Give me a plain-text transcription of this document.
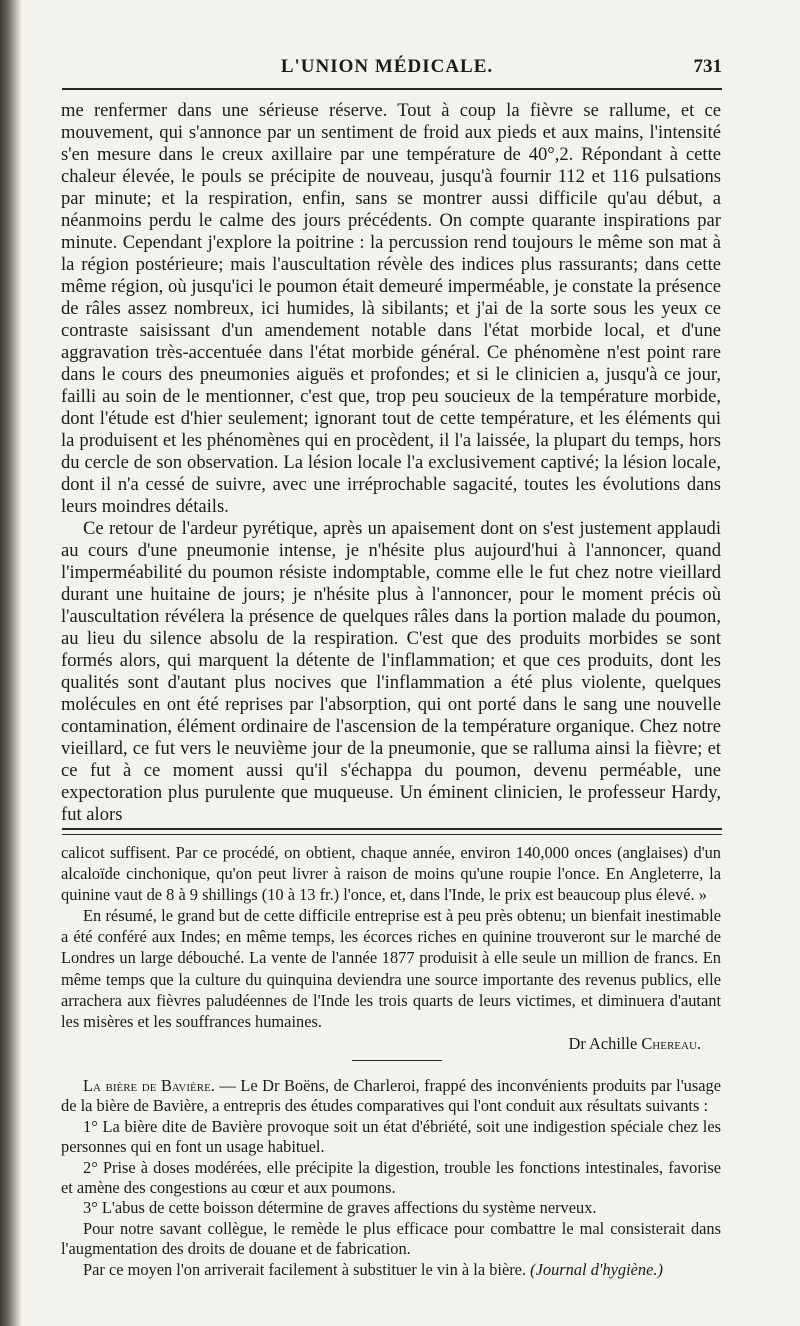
L'UNION MÉDICALE.	731

me renfermer dans une sérieuse réserve. Tout à coup la fièvre se rallume, et ce mouvement, qui s'annonce par un sentiment de froid aux pieds et aux mains, l'intensité s'en mesure dans le creux axillaire par une température de 40°,2. Répondant à cette chaleur élevée, le pouls se précipite de nouveau, jusqu'à fournir 112 et 116 pulsations par minute; et la respiration, enfin, sans se montrer aussi difficile qu'au début, a néanmoins perdu le calme des jours précédents. On compte quarante inspirations par minute. Cependant j'explore la poitrine : la percussion rend toujours le même son mat à la région postérieure; mais l'auscultation révèle des indices plus rassurants; dans cette même région, où jusqu'ici le poumon était demeuré imperméable, je constate la présence de râles assez nombreux, ici humides, là sibilants; et j'ai de la sorte sous les yeux ce contraste saisissant d'un amendement notable dans l'état morbide local, et d'une aggravation très-accentuée dans l'état morbide général. Ce phénomène n'est point rare dans le cours des pneumonies aiguës et profondes; et si le clinicien a, jusqu'à ce jour, failli au soin de le mentionner, c'est que, trop peu soucieux de la température morbide, dont l'étude est d'hier seulement; ignorant tout de cette température, et les éléments qui la produisent et les phénomènes qui en procèdent, il l'a laissée, la plupart du temps, hors du cercle de son observation. La lésion locale l'a exclusivement captivé; la lésion locale, dont il n'a cessé de suivre, avec une irréprochable sagacité, toutes les évolutions dans leurs moindres détails.

Ce retour de l'ardeur pyrétique, après un apaisement dont on s'est justement applaudi au cours d'une pneumonie intense, je n'hésite plus aujourd'hui à l'annoncer, quand l'imperméabilité du poumon résiste indomptable, comme elle le fut chez notre vieillard durant une huitaine de jours; je n'hésite plus à l'annoncer, pour le moment précis où l'auscultation révélera la présence de quelques râles dans la portion malade du poumon, au lieu du silence absolu de la respiration. C'est que des produits morbides se sont formés alors, qui marquent la détente de l'inflammation; et que ces produits, dont les qualités sont d'autant plus nocives que l'inflammation a été plus violente, quelques molécules en ont été reprises par l'absorption, qui ont porté dans le sang une nouvelle contamination, élément ordinaire de l'ascension de la température organique. Chez notre vieillard, ce fut vers le neuvième jour de la pneumonie, que se ralluma ainsi la fièvre; et ce fut à ce moment aussi qu'il s'échappa du poumon, devenu perméable, une expectoration plus purulente que muqueuse. Un éminent clinicien, le professeur Hardy, fut alors

calicot suffisent. Par ce procédé, on obtient, chaque année, environ 140,000 onces (anglaises) d'un alcaloïde cinchonique, qu'on peut livrer à raison de moins qu'une roupie l'once. En Angleterre, la quinine vaut de 8 à 9 shillings (10 à 13 fr.) l'once, et, dans l'Inde, le prix est beaucoup plus élevé. »

En résumé, le grand but de cette difficile entreprise est à peu près obtenu; un bienfait inestimable a été conféré aux Indes; en même temps, les écorces riches en quinine trouveront sur le marché de Londres un large débouché. La vente de l'année 1877 produisit à elle seule un million de francs. En même temps que la culture du quinquina deviendra une source importante des revenus publics, elle arrachera aux fièvres paludéennes de l'Inde les trois quarts de leurs victimes, et diminuera d'autant les misères et les souffrances humaines.

Dr Achille Chereau.

La bière de Bavière. — Le Dr Boëns, de Charleroi, frappé des inconvénients produits par l'usage de la bière de Bavière, a entrepris des études comparatives qui l'ont conduit aux résultats suivants :

1° La bière dite de Bavière provoque soit un état d'ébriété, soit une indigestion spéciale chez les personnes qui en font un usage habituel.

2° Prise à doses modérées, elle précipite la digestion, trouble les fonctions intestinales, favorise et amène des congestions au cœur et aux poumons.

3° L'abus de cette boisson détermine de graves affections du système nerveux.

Pour notre savant collègue, le remède le plus efficace pour combattre le mal consisterait dans l'augmentation des droits de douane et de fabrication.

Par ce moyen l'on arriverait facilement à substituer le vin à la bière. (Journal d'hygiène.)
